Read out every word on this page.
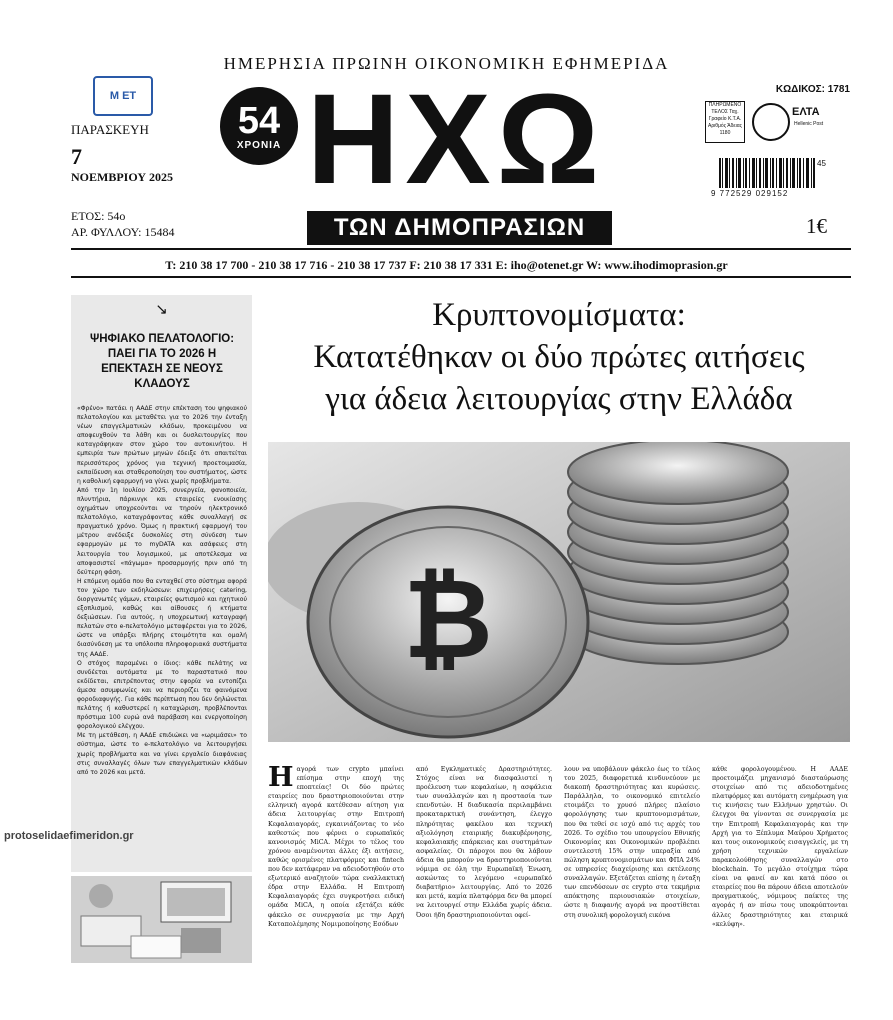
ΗΜΕΡΗΣΙΑ ΠΡΩΙΝΗ ΟΙΚΟΝΟΜΙΚΗ ΕΦΗΜΕΡΙΔΑ
M ET
ΠΑΡΑΣΚΕΥΗ
7
ΝΟΕΜΒΡΙΟΥ 2025
ΕΤΟΣ: 54ο
ΑΡ. ΦΥΛΛΟΥ: 15484
54
ΧΡΟΝΙΑ ΗΧΩ
ΤΩΝ ΔΗΜΟΠΡΑΣΙΩΝ
ΚΩΔΙΚΟΣ: 1781
ΠΛΗΡΩΜΕΝΟ ΤΕΛΟΣ Ταχ. Γραφείο Κ.Τ.Α. Αριθμός Άδειας 1180
ΕΛΤΑ
Hellenic Post
9 772529 029152
45
1€
T: 210 38 17 700 - 210 38 17 716 - 210 38 17 737 F: 210 38 17 331 E: iho@otenet.gr W: www.ihodimoprasion.gr
↘
ΨΗΦΙΑΚΟ ΠΕΛΑΤΟΛΟΓΙΟ: ΠΑΕΙ ΓΙΑ ΤΟ 2026 Η ΕΠΕΚΤΑΣΗ ΣΕ ΝΕΟΥΣ ΚΛΑΔΟΥΣ

«Φρένο» πατάει η ΑΑΔΕ στην επέκταση του ψηφιακού πελατολογίου και μεταθέτει για το 2026 την ένταξη νέων επαγγελματικών κλάδων, προκειμένου να αποφευχθούν τα λάθη και οι δυσλειτουργίες που καταγράφηκαν στον χώρο του αυτοκινήτου. Η εμπειρία των πρώτων μηνών έδειξε ότι απαιτείται περισσότερος χρόνος για τεχνική προετοιμασία, εκπαίδευση και σταθεροποίηση του συστήματος, ώστε η καθολική εφαρμογή να γίνει χωρίς προβλήματα.

Από την 1η Ιουλίου 2025, συνεργεία, φανοποιεία, πλυντήρια, πάρκινγκ και εταιρείες ενοικίασης οχημάτων υποχρεούνται να τηρούν ηλεκτρονικό πελατολόγιο, καταγράφοντας κάθε συναλλαγή σε πραγματικό χρόνο. Όμως η πρακτική εφαρμογή του μέτρου ανέδειξε δυσκολίες στη σύνδεση των εφαρμογών με το myDATA και ασάφειες στη λειτουργία του λογισμικού, με αποτέλεσμα να αποφασιστεί «πάγωμα» προσαρμογής πριν από τη δεύτερη φάση.

Η επόμενη ομάδα που θα ενταχθεί στο σύστημα αφορά τον χώρο των εκδηλώσεων: επιχειρήσεις catering, διοργανωτές γάμων, εταιρείες φωτισμού και ηχητικού εξοπλισμού, καθώς και αίθουσες ή κτήματα δεξιώσεων. Για αυτούς, η υποχρεωτική καταγραφή πελατών στο e-πελατολόγιο μεταφέρεται για το 2026, ώστε να υπάρξει πλήρης ετοιμότητα και ομαλή διασύνδεση με τα υπόλοιπα πληροφοριακά συστήματα της ΑΑΔΕ.

Ο στόχος παραμένει ο ίδιος: κάθε πελάτης να συνδέεται αυτόματα με το παραστατικό που εκδίδεται, επιτρέποντας στην εφορία να εντοπίζει άμεσα ασυμφωνίες και να περιορίζει τα φαινόμενα φοροδιαφυγής. Για κάθε περίπτωση που δεν δηλώνεται πελάτης ή καθυστερεί η καταχώριση, προβλέπονται πρόστιμα 100 ευρώ ανά παράβαση και ενεργοποίηση φορολογικού ελέγχου.

Με τη μετάθεση, η ΑΑΔΕ επιδιώκει να «ωριμάσει» το σύστημα, ώστε το e-πελατολόγιο να λειτουργήσει χωρίς προβλήματα και να γίνει εργαλείο διαφάνειας στις συναλλαγές όλων των επαγγελματικών κλάδων από το 2026 και μετά.

protoselidaefimeridon.gr
Κρυπτονομίσματα:
Κατατέθηκαν οι δύο πρώτες αιτήσεις
για άδεια λειτουργίας στην Ελλάδα
₿
Η αγορά των crypto μπαίνει επίσημα στην εποχή της εποπτείας! Οι δύο πρώτες εταιρείες που δραστηριοποιούνται στην ελληνική αγορά κατέθεσαν αίτηση για άδεια λειτουργίας στην Επιτροπή Κεφαλαιαγοράς, εγκαινιάζοντας το νέο καθεστώς που φέρνει ο ευρωπαϊκός κανονισμός MiCA. Μέχρι το τέλος του χρόνου αναμένονται άλλες έξι αιτήσεις, καθώς ορισμένες πλατφόρμες και fintech που δεν κατάφεραν να αδειοδοτηθούν στο εξωτερικό αναζητούν τώρα εναλλακτική έδρα στην Ελλάδα. Η Επιτροπή Κεφαλαιαγοράς έχει συγκροτήσει ειδική ομάδα MiCA, η οποία εξετάζει κάθε φάκελο σε συνεργασία με την Αρχή Καταπολέμησης Νομιμοποίησης Εσόδων

από Εγκληματικές Δραστηριότητες. Στόχος είναι να διασφαλιστεί η προέλευση των κεφαλαίων, η ασφάλεια των συναλλαγών και η προστασία των επενδυτών. Η διαδικασία περιλαμβάνει προκαταρκτική συνάντηση, έλεγχο πληρότητας φακέλου και τεχνική αξιολόγηση εταιρικής διακυβέρνησης, κεφαλαιακής επάρκειας και συστημάτων ασφαλείας. Οι πάροχοι που θα λάβουν άδεια θα μπορούν να δραστηριοποιούνται νόμιμα σε όλη την Ευρωπαϊκή Ένωση, ασκώντας το λεγόμενο «ευρωπαϊκό διαβατήριο» λειτουργίας. Από το 2026 και μετά, καμία πλατφόρμα δεν θα μπορεί να λειτουργεί στην Ελλάδα χωρίς άδεια. Όσοι ήδη δραστηριοποιούνται οφεί-

λουν να υποβάλουν φάκελο έως το τέλος του 2025, διαφορετικά κινδυνεύουν με διακοπή δραστηριότητας και κυρώσεις. Παράλληλα, το οικονομικό επιτελείο ετοιμάζει το χρυσό πλήρες πλαίσιο φορολόγησης των κρυπτονομισμάτων, που θα τεθεί σε ισχύ από τις αρχές του 2026. Το σχέδιο του υπουργείου Εθνικής Οικονομίας και Οικονομικών προβλέπει συντελεστή 15% στην υπεραξία από πώληση κρυπτονομισμάτων και ΦΠΑ 24% σε υπηρεσίες διαχείρισης και εκτέλεσης συναλλαγών. Εξετάζεται επίσης η ένταξη των επενδύσεων σε crypto στα τεκμήρια απόκτησης περιουσιακών στοιχείων, ώστε η διαφανής αγορά να προστίθεται στη συνολική φορολογική εικόνα

κάθε φορολογουμένου. Η ΑΑΔΕ προετοιμάζει μηχανισμό διασταύρωσης στοιχείων από τις αδειοδοτημένες πλατφόρμες και αυτόματη ενημέρωση για τις κινήσεις των Ελλήνων χρηστών. Οι έλεγχοι θα γίνονται σε συνεργασία με την Επιτροπή Κεφαλαιαγοράς και την Αρχή για το Ξέπλυμα Μαύρου Χρήματος και τους οικονομικούς εισαγγελείς, με τη χρήση τεχνικών εργαλείων παρακολούθησης συναλλαγών στο blockchain. Το μεγάλο στοίχημα τώρα είναι να φανεί αν και κατά πόσο οι εταιρείες που θα πάρουν άδεια αποτελούν πραγματικούς, νόμιμους παίκτες της αγοράς ή αν πίσω τους υποκρύπτονται άλλες δραστηριότητες και εταιρικά «κελύφη».
